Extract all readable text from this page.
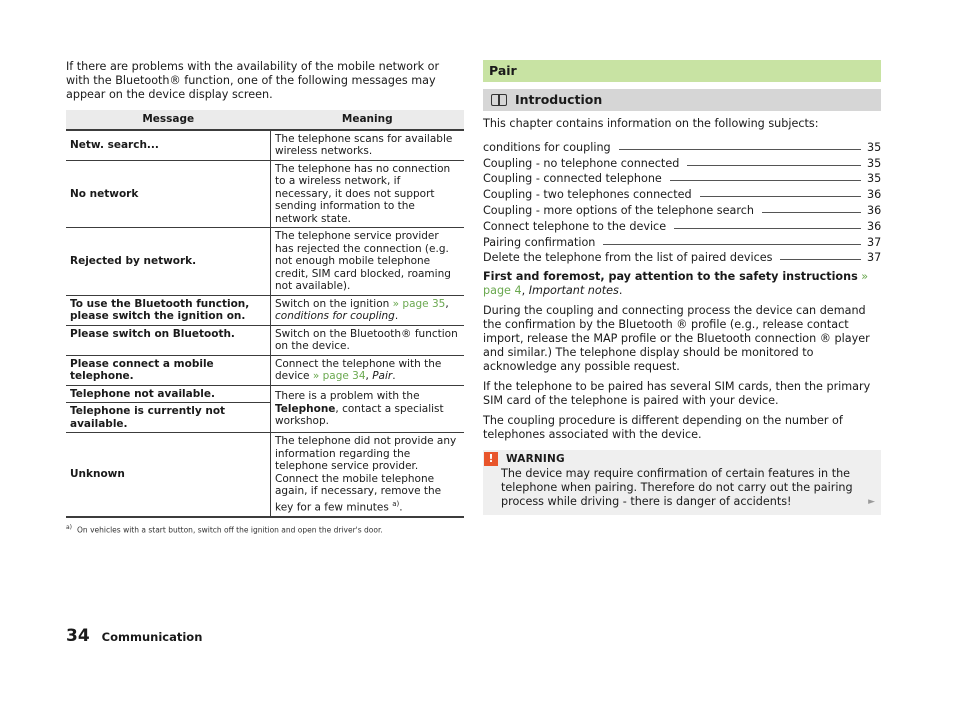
If there are problems with the availability of the mobile network or with the Bluetooth® function, one of the following messages may appear on the device display screen.

Message	Meaning
Netw. search...	The telephone scans for available wireless networks.
No network	The telephone has no connection to a wireless network, if necessary, it does not support sending information to the network state.
Rejected by network.	The telephone service provider has rejected the connection (e.g. not enough mobile telephone credit, SIM card blocked, roaming not available).
To use the Bluetooth function, please switch the ignition on.	Switch on the ignition » page 35, conditions for coupling.
Please switch on Bluetooth.	Switch on the Bluetooth® function on the device.
Please connect a mobile telephone.	Connect the telephone with the device » page 34, Pair.
Telephone not available.	There is a problem with the Telephone, contact a specialist workshop.
Telephone is currently not available.	
Unknown	The telephone did not provide any information regarding the telephone service provider. Connect the mobile telephone again, if necessary, remove the key for a few minutes $^{a)}$.
$^{a)}$ On vehicles with a start button, switch off the ignition and open the driver's door.
Pair
Introduction

This chapter contains information on the following subjects:

conditions for coupling	35
Coupling - no telephone connected	35
Coupling - connected telephone	35
Coupling - two telephones connected	36
Coupling - more options of the telephone search	36
Connect telephone to the device	36
Pairing confirmation	37
Delete the telephone from the list of paired devices	37

First and foremost, pay attention to the safety instructions » page 4, Important notes.

During the coupling and connecting process the device can demand the confirmation by the Bluetooth ® profile (e.g., release contact import, release the MAP profile or the Bluetooth connection ® player and similar.) The telephone display should be monitored to acknowledge any possible request.

If the telephone to be paired has several SIM cards, then the primary SIM card of the telephone is paired with your device.

The coupling procedure is different depending on the number of telephones associated with the device.

!	WARNING
The device may require confirmation of certain features in the telephone when pairing. Therefore do not carry out the pairing process while driving - there is danger of accidents!	►
34 Communication
